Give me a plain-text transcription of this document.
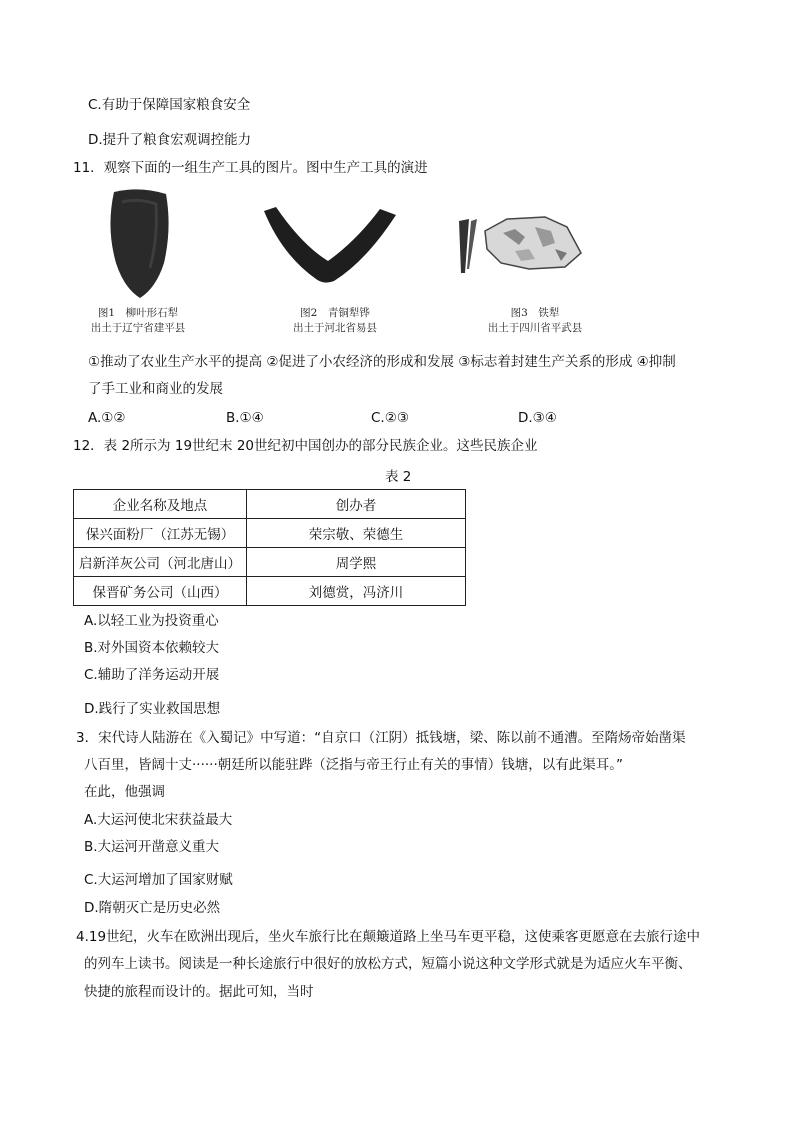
C.有助于保障国家粮食安全
D.提升了粮食宏观调控能力
11．观察下面的一组生产工具的图片。图中生产工具的演进
图1　柳叶形石犁
出土于辽宁省建平县
图2　青铜犁铧
出土于河北省易县
图3　铁犁
出土于四川省平武县
①推动了农业生产水平的提高 ②促进了小农经济的形成和发展 ③标志着封建生产关系的形成 ④抑制
了手工业和商业的发展
A.①②	B.①④	C.②③	D.③④
12．表 2所示为 19世纪末 20世纪初中国创办的部分民族企业。这些民族企业
表 2
企业名称及地点	创办者
保兴面粉厂（江苏无锡）	荣宗敬、荣德生
启新洋灰公司（河北唐山）	周学熙
保晋矿务公司（山西）	刘德赏，冯济川
A.以轻工业为投资重心
B.对外国资本依赖较大
C.辅助了洋务运动开展
D.践行了实业救国思想
3．宋代诗人陆游在《入蜀记》中写道：“自京口（江阴）抵钱塘，梁、陈以前不通漕。至隋炀帝始凿渠
八百里，皆阔十丈······朝廷所以能驻跸（泛指与帝王行止有关的事情）钱塘，以有此渠耳。”
在此，他强调
A.大运河使北宋获益最大
B.大运河开凿意义重大
C.大运河增加了国家财赋
D.隋朝灭亡是历史必然
4.19世纪，火车在欧洲出现后，坐火车旅行比在颠簸道路上坐马车更平稳，这使乘客更愿意在去旅行途中
的列车上读书。阅读是一种长途旅行中很好的放松方式，短篇小说这种文学形式就是为适应火车平衡、
快捷的旅程而设计的。据此可知，当时
